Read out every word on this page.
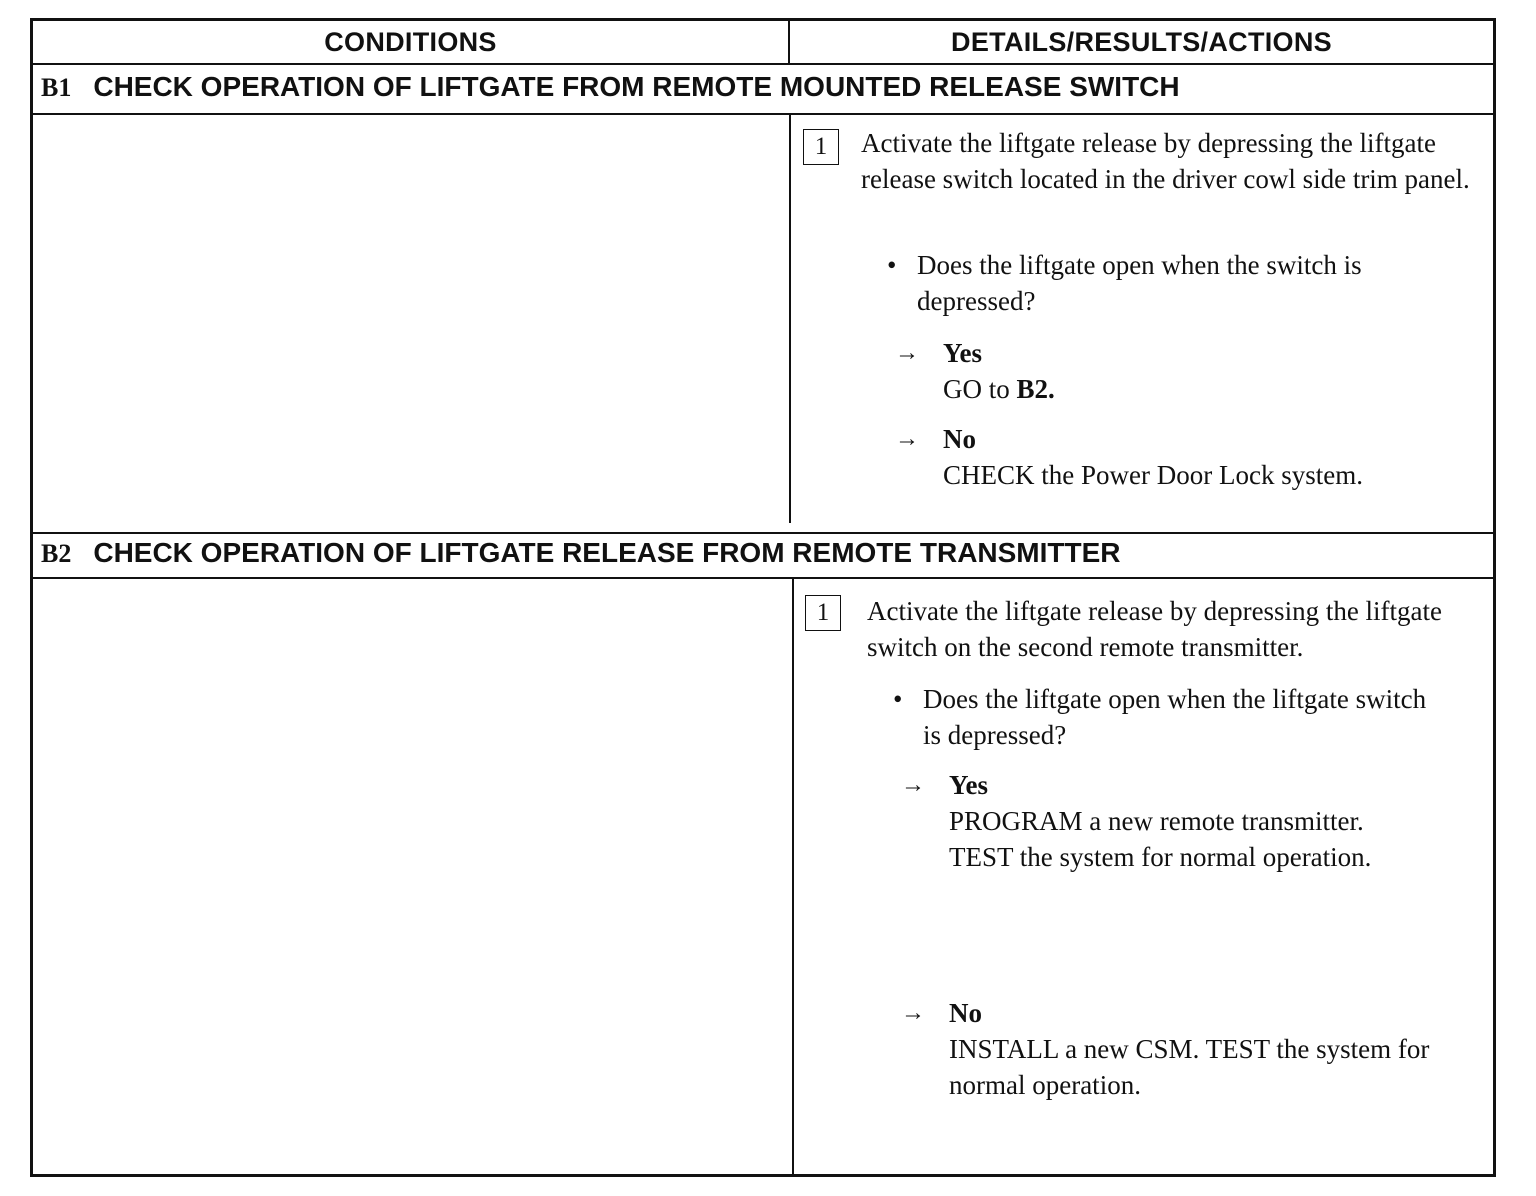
CONDITIONS	DETAILS/RESULTS/ACTIONS
B1 CHECK OPERATION OF LIFTGATE FROM REMOTE MOUNTED RELEASE SWITCH
1	Activate the liftgate release by depressing the liftgate release switch located in the driver cowl side trim panel.
• Does the liftgate open when the switch is depressed?
→ Yes
GO to B2.
→ No
CHECK the Power Door Lock system.
B2 CHECK OPERATION OF LIFTGATE RELEASE FROM REMOTE TRANSMITTER
1	Activate the liftgate release by depressing the liftgate switch on the second remote transmitter.
• Does the liftgate open when the liftgate switch is depressed?
→ Yes
PROGRAM a new remote transmitter.
TEST the system for normal operation.
→ No
INSTALL a new CSM. TEST the system for normal operation.
